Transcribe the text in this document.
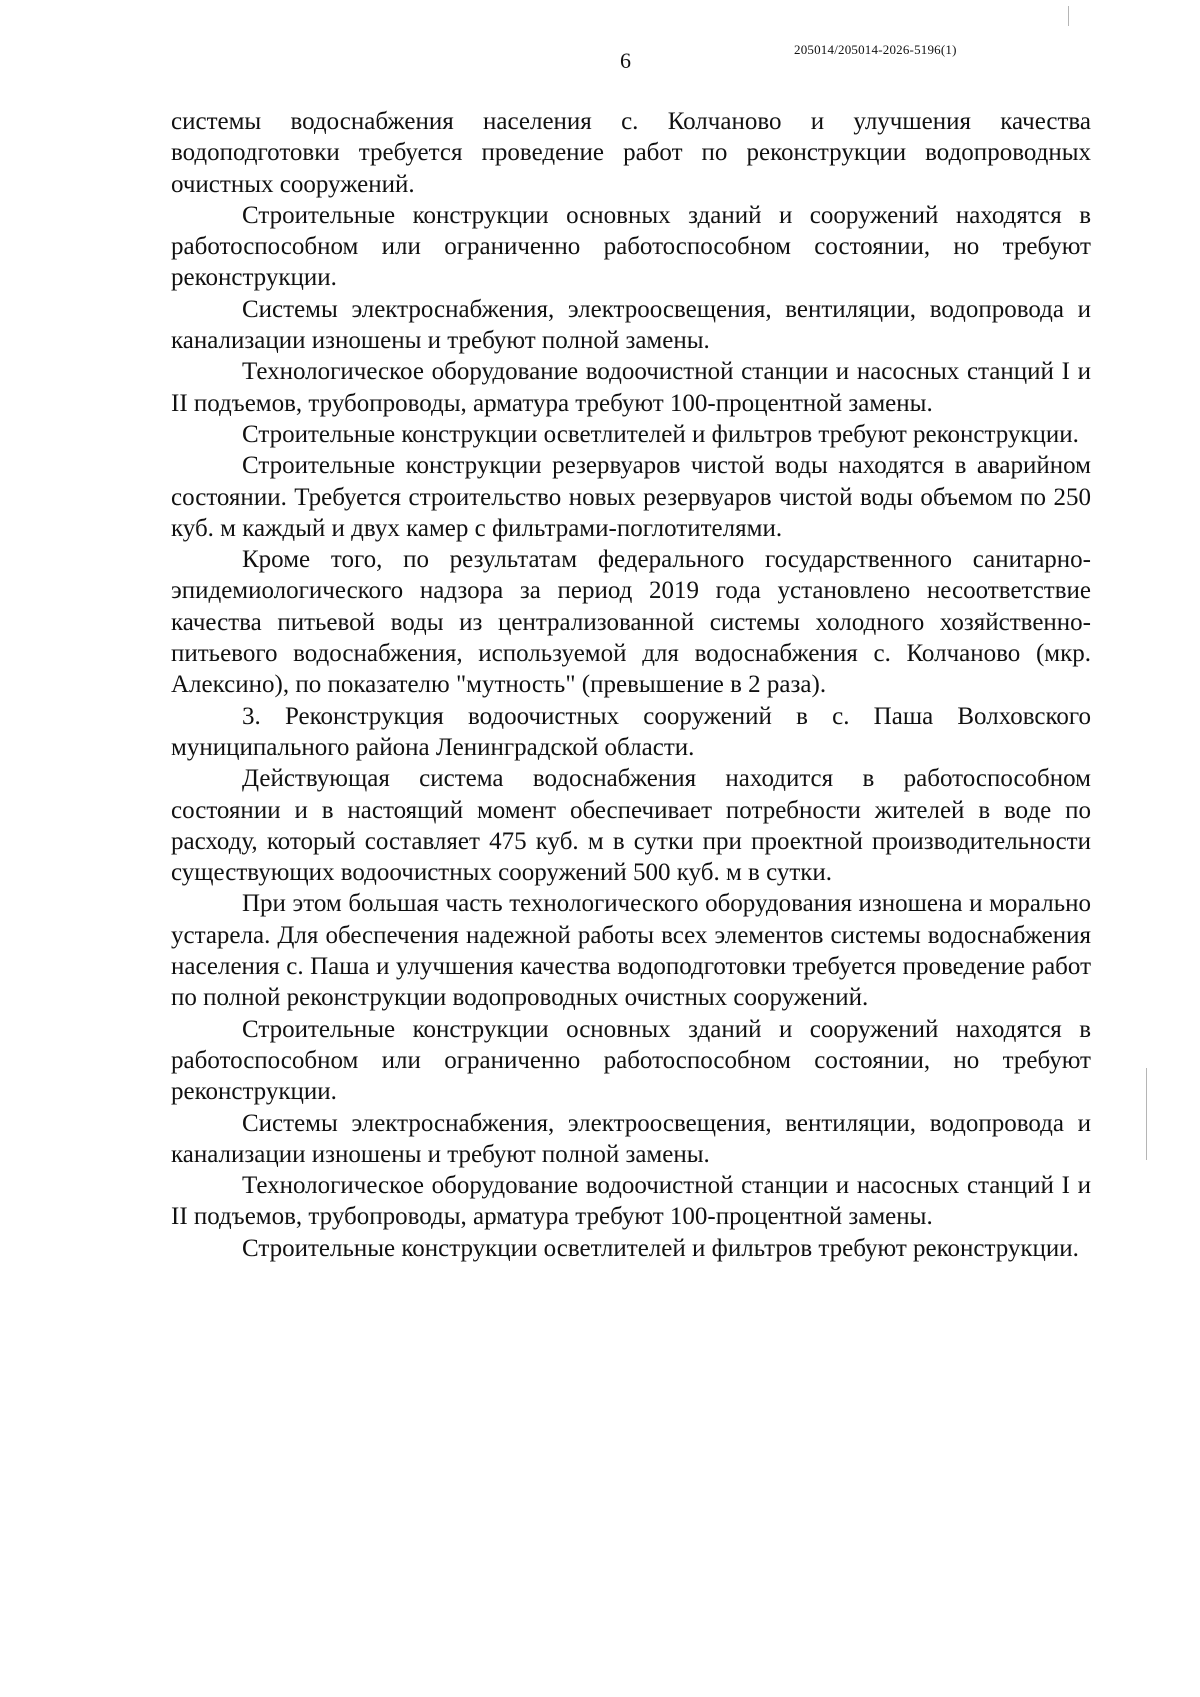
6	205014/205014-2026-5196(1)

системы водоснабжения населения с. Колчаново и улучшения качества водоподготовки требуется проведение работ по реконструкции водопроводных очистных сооружений.

Строительные конструкции основных зданий и сооружений находятся в работоспособном или ограниченно работоспособном состоянии, но требуют реконструкции.

Системы электроснабжения, электроосвещения, вентиляции, водопровода и канализации изношены и требуют полной замены.

Технологическое оборудование водоочистной станции и насосных станций I и II подъемов, трубопроводы, арматура требуют 100-процентной замены.

Строительные конструкции осветлителей и фильтров требуют реконструкции.

Строительные конструкции резервуаров чистой воды находятся в аварийном состоянии. Требуется строительство новых резервуаров чистой воды объемом по 250 куб. м каждый и двух камер с фильтрами-поглотителями.

Кроме того, по результатам федерального государственного санитарно-эпидемиологического надзора за период 2019 года установлено несоответствие качества питьевой воды из централизованной системы холодного хозяйственно-питьевого водоснабжения, используемой для водоснабжения с. Колчаново (мкр. Алексино), по показателю "мутность" (превышение в 2 раза).

3. Реконструкция водоочистных сооружений в с. Паша Волховского муниципального района Ленинградской области.

Действующая система водоснабжения находится в работоспособном состоянии и в настоящий момент обеспечивает потребности жителей в воде по расходу, который составляет 475 куб. м в сутки при проектной производительности существующих водоочистных сооружений 500 куб. м в сутки.

При этом большая часть технологического оборудования изношена и морально устарела. Для обеспечения надежной работы всех элементов системы водоснабжения населения с. Паша и улучшения качества водоподготовки требуется проведение работ по полной реконструкции водопроводных очистных сооружений.

Строительные конструкции основных зданий и сооружений находятся в работоспособном или ограниченно работоспособном состоянии, но требуют реконструкции.

Системы электроснабжения, электроосвещения, вентиляции, водопровода и канализации изношены и требуют полной замены.

Технологическое оборудование водоочистной станции и насосных станций I и II подъемов, трубопроводы, арматура требуют 100-процентной замены.

Строительные конструкции осветлителей и фильтров требуют реконструкции.
